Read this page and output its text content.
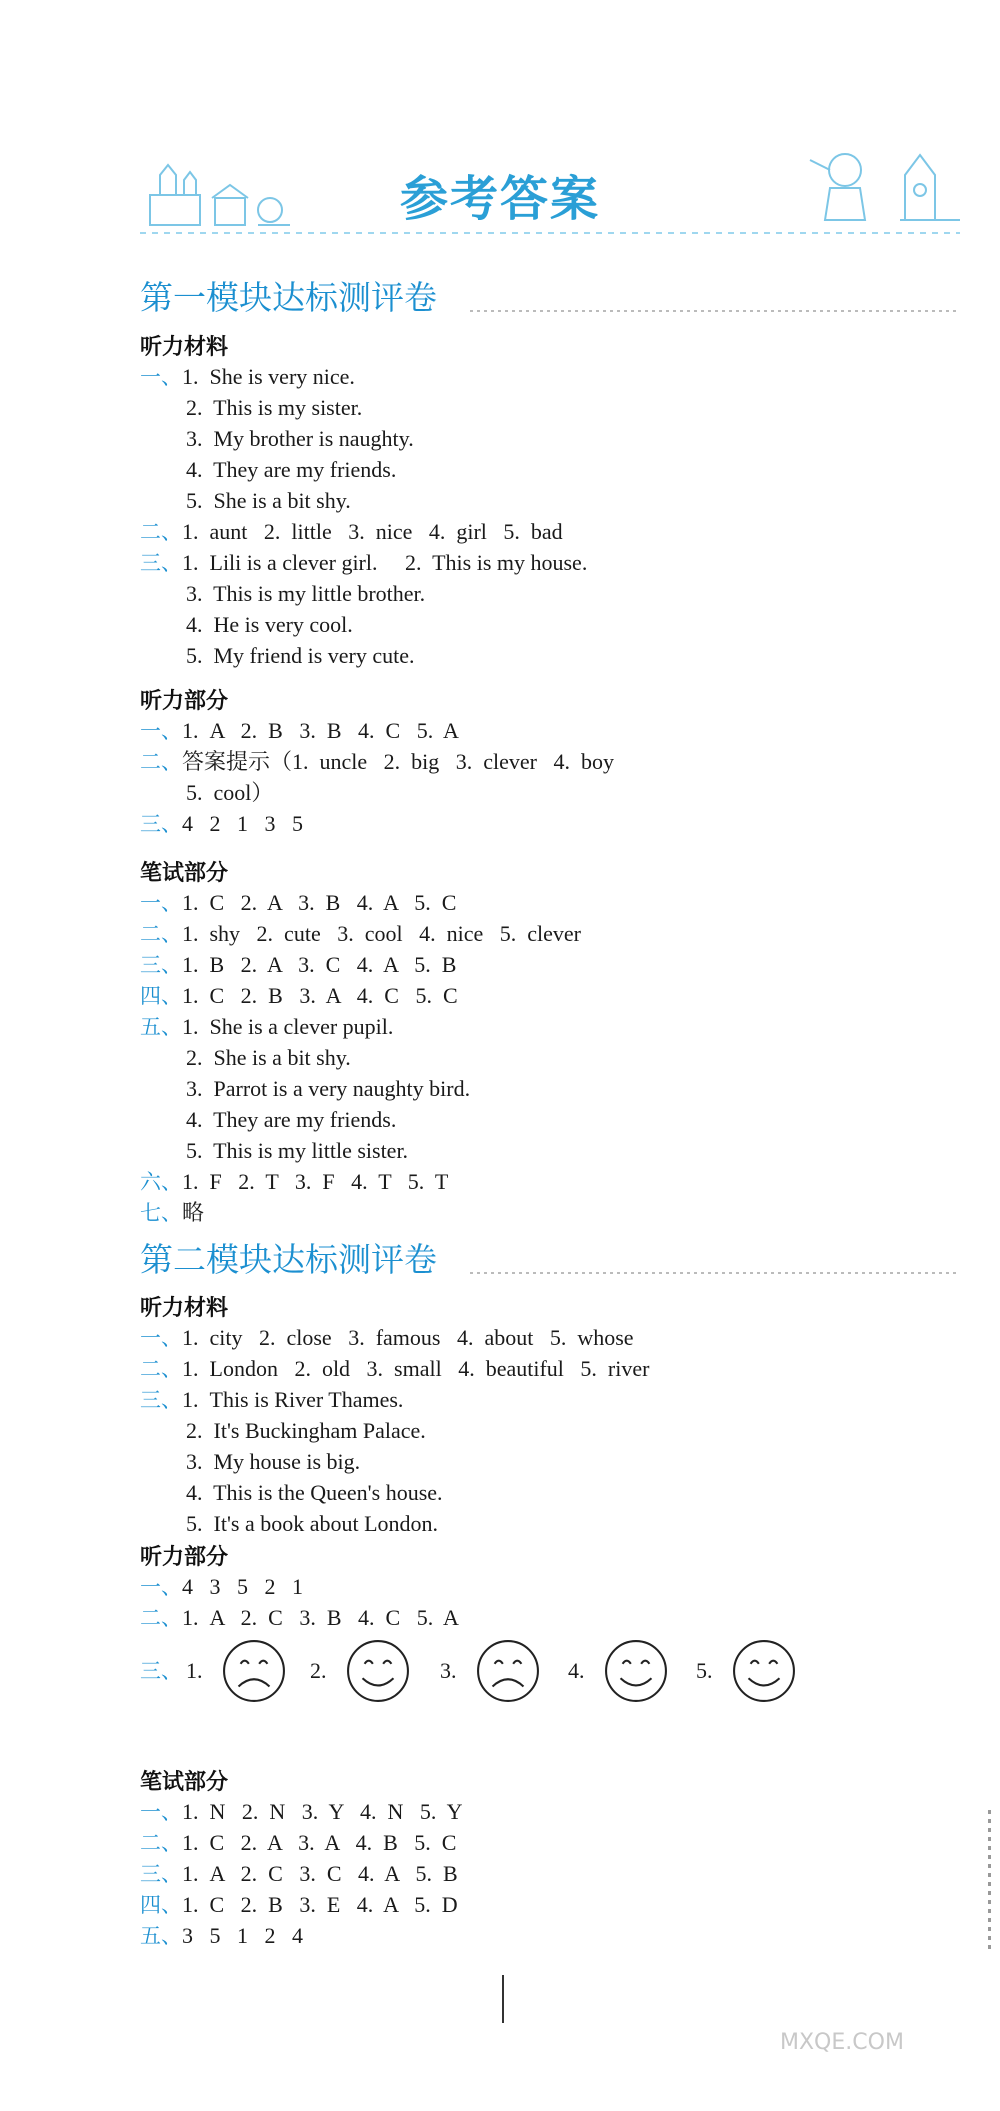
参考答案
第一模块达标测评卷
听力材料
一、1.  She is very nice.
2.  This is my sister.
3.  My brother is naughty.
4.  They are my friends.
5.  She is a bit shy.
二、1.  aunt   2.  little   3.  nice   4.  girl   5.  bad
三、1.  Lili is a clever girl.     2.  This is my house.
3.  This is my little brother.
4.  He is very cool.
5.  My friend is very cute.
听力部分
一、1.  A   2.  B   3.  B   4.  C   5.  A
二、答案提示（1.  uncle   2.  big   3.  clever   4.  boy
5.  cool）
三、4   2   1   3   5
笔试部分
一、1.  C   2.  A   3.  B   4.  A   5.  C
二、1.  shy   2.  cute   3.  cool   4.  nice   5.  clever
三、1.  B   2.  A   3.  C   4.  A   5.  B
四、1.  C   2.  B   3.  A   4.  C   5.  C
五、1.  She is a clever pupil.
2.  She is a bit shy.
3.  Parrot is a very naughty bird.
4.  They are my friends.
5.  This is my little sister.
六、1.  F   2.  T   3.  F   4.  T   5.  T
七、略
第二模块达标测评卷
听力材料
一、1.  city   2.  close   3.  famous   4.  about   5.  whose
二、1.  London   2.  old   3.  small   4.  beautiful   5.  river
三、1.  This is River Thames.
2.  It's Buckingham Palace.
3.  My house is big.
4.  This is the Queen's house.
5.  It's a book about London.
听力部分
一、4   3   5   2   1
二、1.  A   2.  C   3.  B   4.  C   5.  A
三、 1.	2.	3.	4.	5.
笔试部分
一、1.  N   2.  N   3.  Y   4.  N   5.  Y
二、1.  C   2.  A   3.  A   4.  B   5.  C
三、1.  A   2.  C   3.  C   4.  A   5.  B
四、1.  C   2.  B   3.  E   4.  A   5.  D
五、3   5   1   2   4
MXQE.COM
